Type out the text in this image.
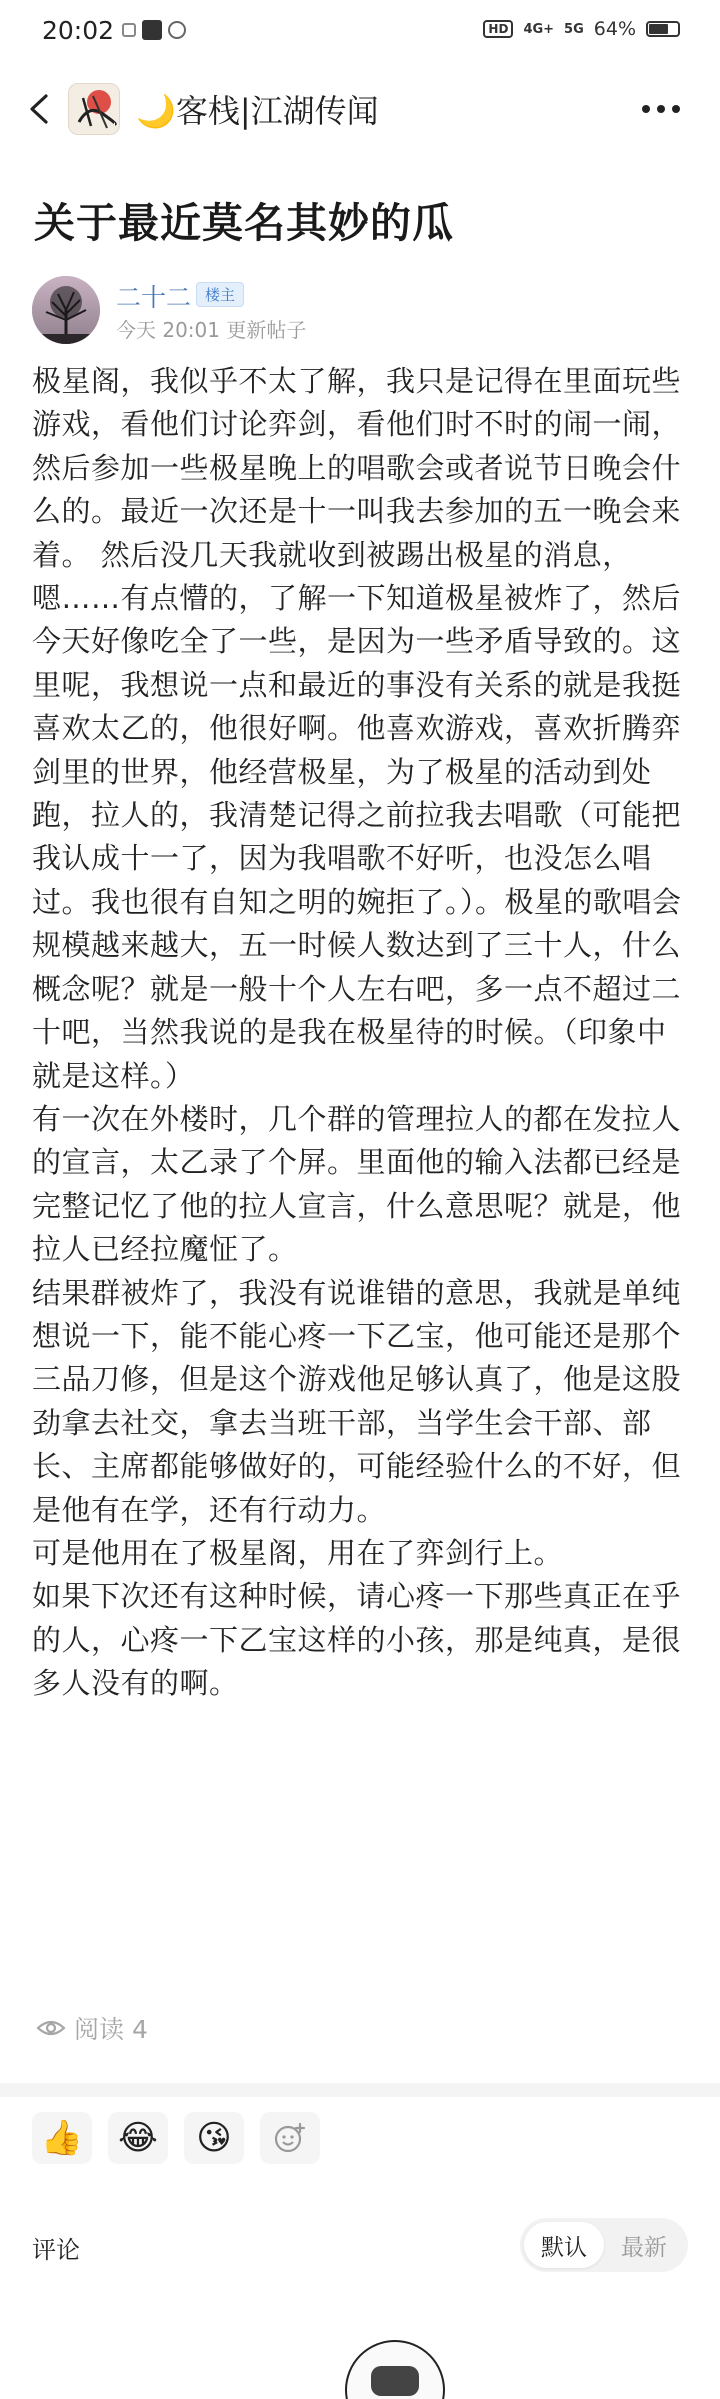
20:02	HD	4G+ 5G 64%
🌙客栈|江湖传闻
关于最近莫名其妙的瓜
二十二 楼主
今天 20:01 更新帖子

极星阁，我似乎不太了解，我只是记得在里面玩些游戏，看他们讨论弈剑，看他们时不时的闹一闹，然后参加一些极星晚上的唱歌会或者说节日晚会什么的。最近一次还是十一叫我去参加的五一晚会来着。 然后没几天我就收到被踢出极星的消息，嗯……有点懵的，了解一下知道极星被炸了，然后今天好像吃全了一些，是因为一些矛盾导致的。这里呢，我想说一点和最近的事没有关系的就是我挺喜欢太乙的，他很好啊。他喜欢游戏，喜欢折腾弈剑里的世界，他经营极星，为了极星的活动到处跑，拉人的，我清楚记得之前拉我去唱歌（可能把我认成十一了，因为我唱歌不好听，也没怎么唱过。我也很有自知之明的婉拒了。）。极星的歌唱会规模越来越大，五一时候人数达到了三十人，什么概念呢？就是一般十个人左右吧，多一点不超过二十吧，当然我说的是我在极星待的时候。（印象中就是这样。）

有一次在外楼时，几个群的管理拉人的都在发拉人的宣言，太乙录了个屏。里面他的输入法都已经是完整记忆了他的拉人宣言，什么意思呢？就是，他拉人已经拉魔怔了。

结果群被炸了，我没有说谁错的意思，我就是单纯想说一下，能不能心疼一下乙宝，他可能还是那个三品刀修，但是这个游戏他足够认真了，他是这股劲拿去社交，拿去当班干部，当学生会干部、部长、主席都能够做好的，可能经验什么的不好，但是他有在学，还有行动力。

可是他用在了极星阁，用在了弈剑行上。

如果下次还有这种时候，请心疼一下那些真正在乎的人，心疼一下乙宝这样的小孩，那是纯真，是很多人没有的啊。

阅读 4
👍 😂 😘
评论	默认	最新
